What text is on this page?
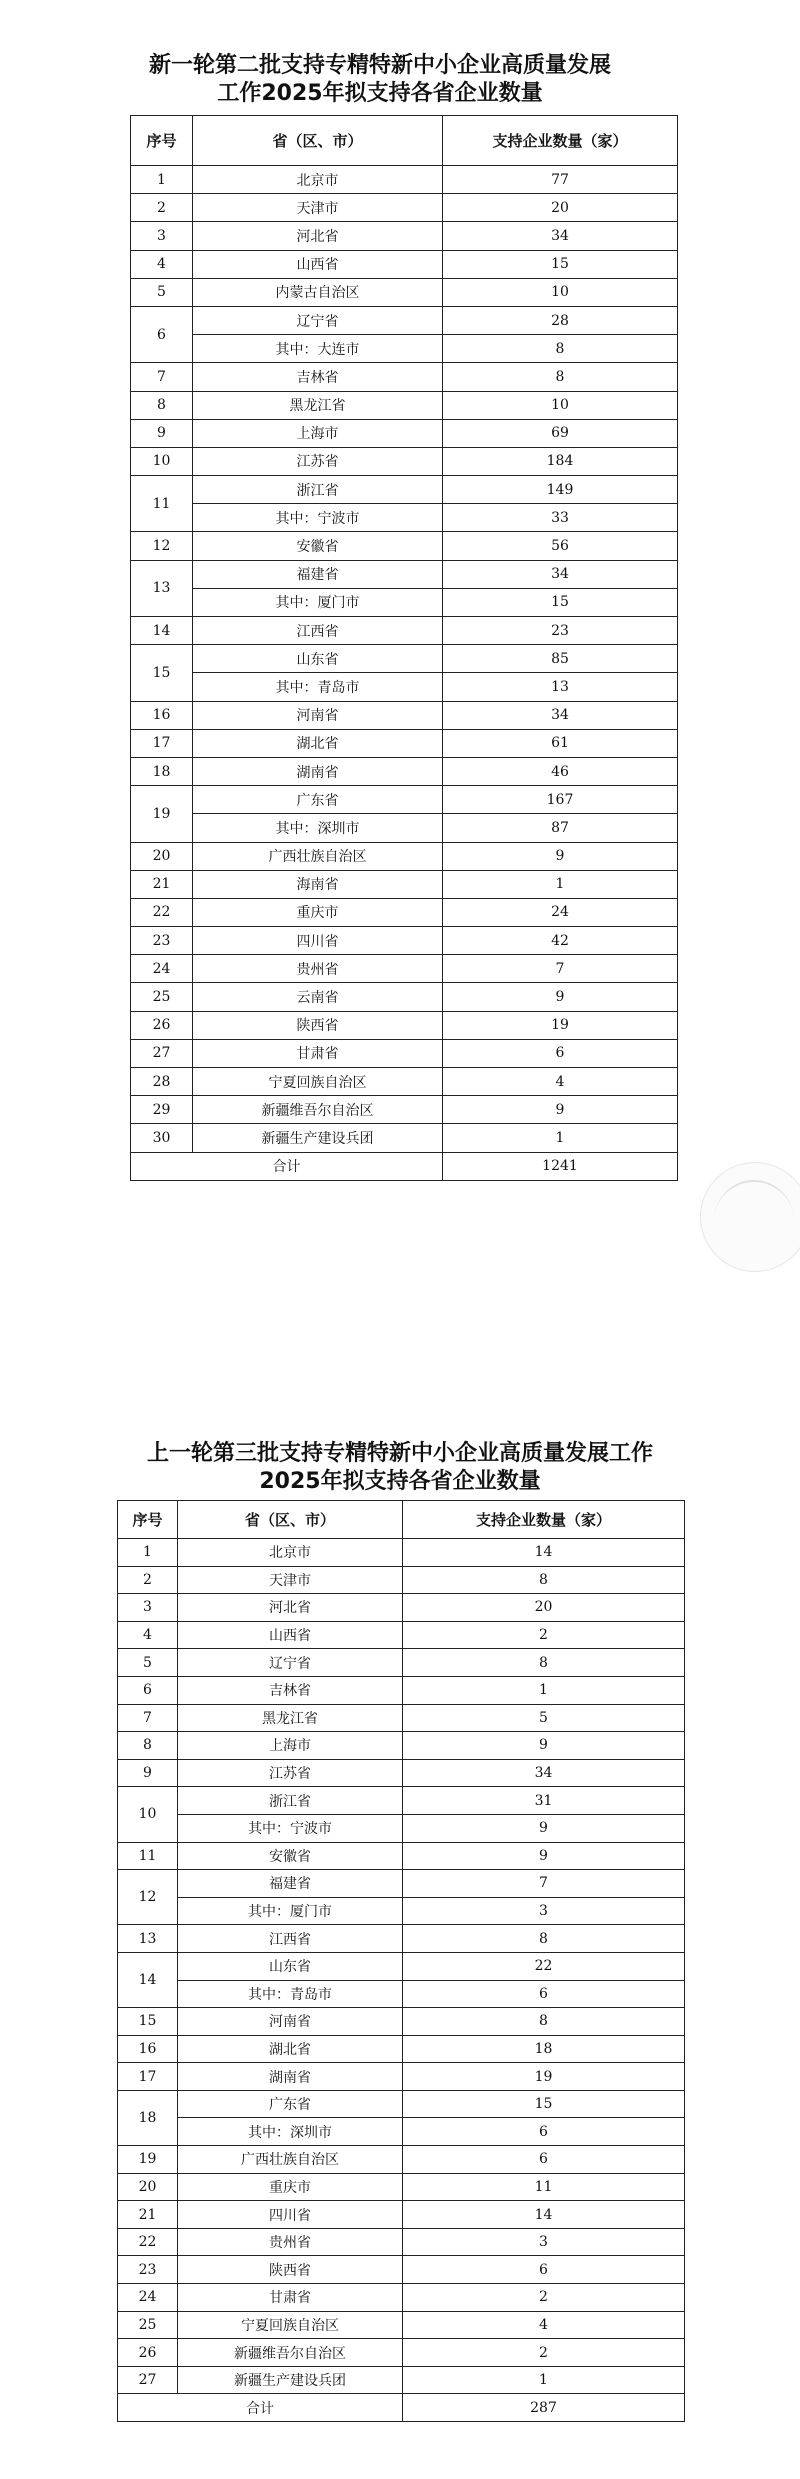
新一轮第二批支持专精特新中小企业高质量发展
工作2025年拟支持各省企业数量
序号	省（区、市）	支持企业数量（家）
1	北京市	77
2	天津市	20
3	河北省	34
4	山西省	15
5	内蒙古自治区	10
6	辽宁省	28
	其中：大连市	8
7	吉林省	8
8	黑龙江省	10
9	上海市	69
10	江苏省	184
11	浙江省	149
	其中：宁波市	33
12	安徽省	56
13	福建省	34
	其中：厦门市	15
14	江西省	23
15	山东省	85
	其中：青岛市	13
16	河南省	34
17	湖北省	61
18	湖南省	46
19	广东省	167
	其中：深圳市	87
20	广西壮族自治区	9
21	海南省	1
22	重庆市	24
23	四川省	42
24	贵州省	7
25	云南省	9
26	陕西省	19
27	甘肃省	6
28	宁夏回族自治区	4
29	新疆维吾尔自治区	9
30	新疆生产建设兵团	1
合计		1241
上一轮第三批支持专精特新中小企业高质量发展工作
2025年拟支持各省企业数量
序号	省（区、市）	支持企业数量（家）
1	北京市	14
2	天津市	8
3	河北省	20
4	山西省	2
5	辽宁省	8
6	吉林省	1
7	黑龙江省	5
8	上海市	9
9	江苏省	34
10	浙江省	31
	其中：宁波市	9
11	安徽省	9
12	福建省	7
	其中：厦门市	3
13	江西省	8
14	山东省	22
	其中：青岛市	6
15	河南省	8
16	湖北省	18
17	湖南省	19
18	广东省	15
	其中：深圳市	6
19	广西壮族自治区	6
20	重庆市	11
21	四川省	14
22	贵州省	3
23	陕西省	6
24	甘肃省	2
25	宁夏回族自治区	4
26	新疆维吾尔自治区	2
27	新疆生产建设兵团	1
合计		287
